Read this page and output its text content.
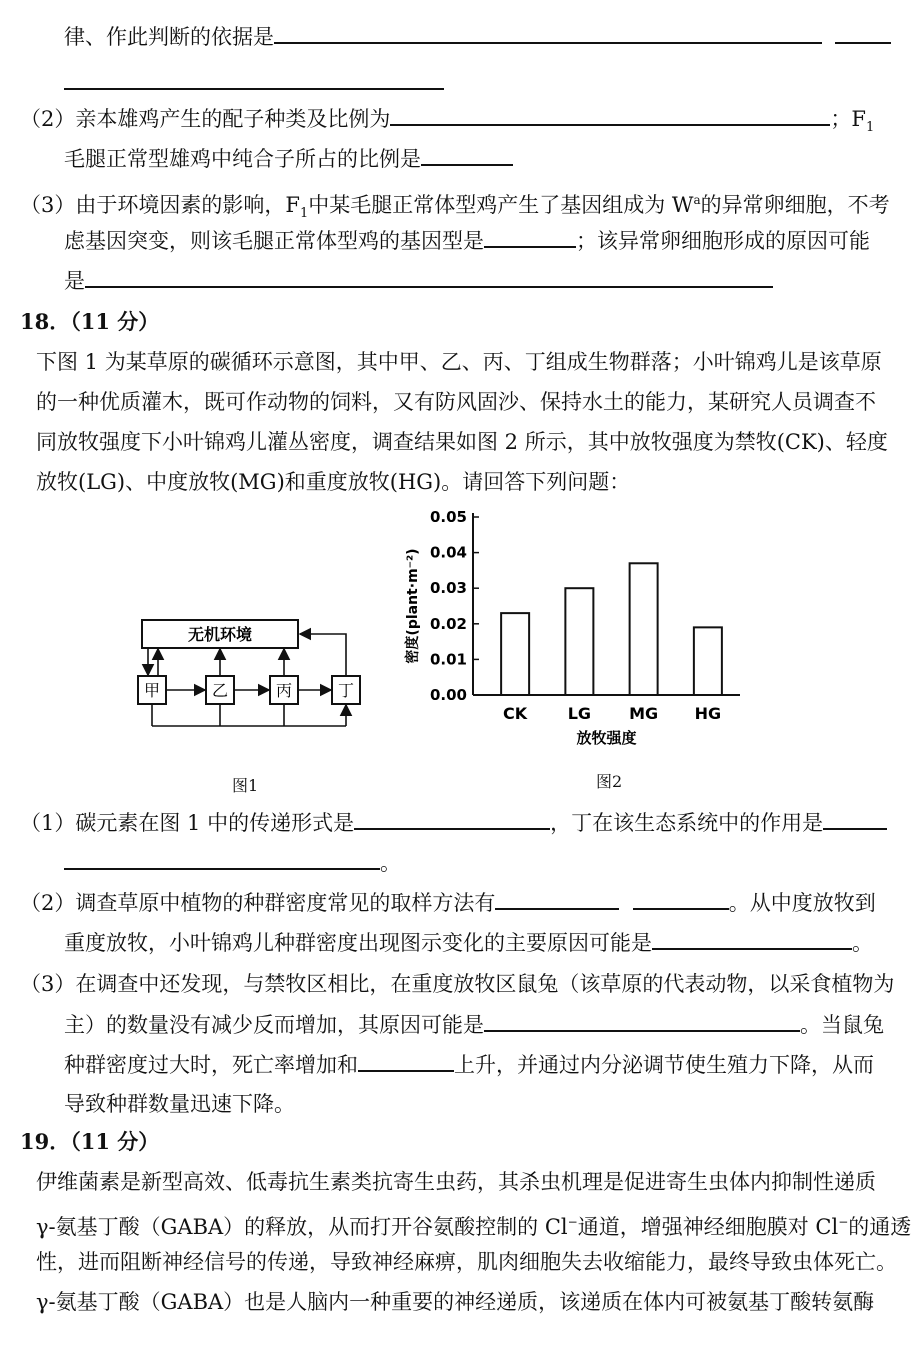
律、作此判断的依据是
（2）亲本雄鸡产生的配子种类及比例为	；$F_1$
毛腿正常型雄鸡中纯合子所占的比例是
（3）由于环境因素的影响，$F_1$中某毛腿正常体型鸡产生了基因组成为 $W^a$的异常卵细胞，不考
虑基因突变，则该毛腿正常体型鸡的基因型是	；该异常卵细胞形成的原因可能
是
18．（11 分）
下图 1 为某草原的碳循环示意图，其中甲、乙、丙、丁组成生物群落；小叶锦鸡儿是该草原
的一种优质灌木，既可作动物的饲料，又有防风固沙、保持水土的能力，某研究人员调查不
同放牧强度下小叶锦鸡儿灌丛密度，调查结果如图 2 所示，其中放牧强度为禁牧(CK)、轻度
放牧(LG)、中度放牧(MG)和重度放牧(HG)。请回答下列问题：
无机环境
甲	乙	丙	丁
图1
0.00
0.01
0.02
0.03
0.04
0.05
CK	LG MG HG
密度(plant·m⁻²)
放牧强度
图2
（1）碳元素在图 1 中的传递形式是	，丁在该生态系统中的作用是
。
（2）调查草原中植物的种群密度常见的取样方法有	。从中度放牧到
重度放牧，小叶锦鸡儿种群密度出现图示变化的主要原因可能是	。
（3）在调查中还发现，与禁牧区相比，在重度放牧区鼠兔（该草原的代表动物，以采食植物为
主）的数量没有减少反而增加，其原因可能是	。当鼠兔
种群密度过大时，死亡率增加和	上升，并通过内分泌调节使生殖力下降，从而
导致种群数量迅速下降。
19．（11 分）
伊维菌素是新型高效、低毒抗生素类抗寄生虫药，其杀虫机理是促进寄生虫体内抑制性递质
γ-氨基丁酸（GABA）的释放，从而打开谷氨酸控制的 Cl−通道，增强神经细胞膜对 Cl−的通透
性，进而阻断神经信号的传递，导致神经麻痹，肌肉细胞失去收缩能力，最终导致虫体死亡。
γ-氨基丁酸（GABA）也是人脑内一种重要的神经递质，该递质在体内可被氨基丁酸转氨酶
